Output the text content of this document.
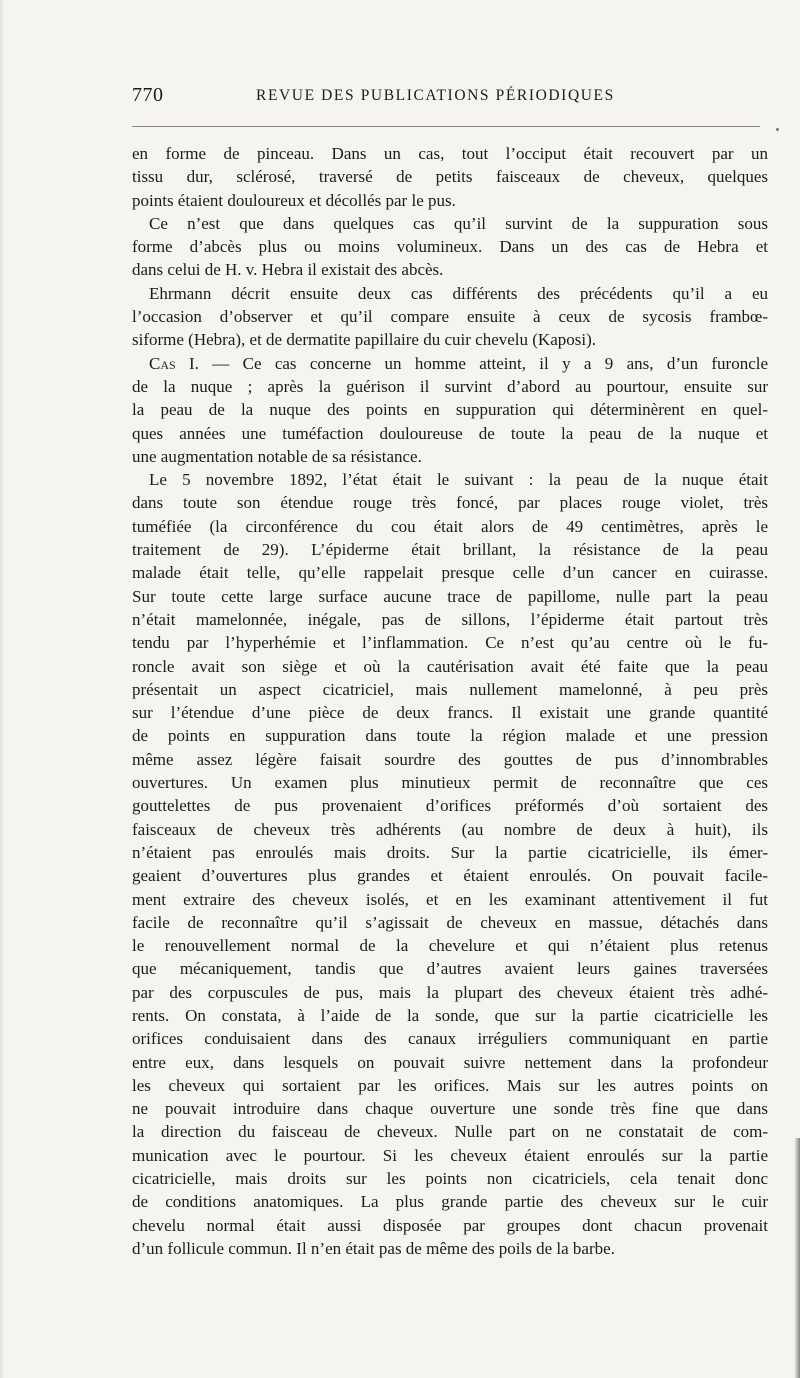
770	REVUE DES PUBLICATIONS PÉRIODIQUES
en forme de pinceau. Dans un cas, tout l’occiput était recouvert par un
tissu dur, sclérosé, traversé de petits faisceaux de cheveux, quelques
points étaient douloureux et décollés par le pus.
Ce n’est que dans quelques cas qu’il survint de la suppuration sous
forme d’abcès plus ou moins volumineux. Dans un des cas de Hebra et
dans celui de H. v. Hebra il existait des abcès.
Ehrmann décrit ensuite deux cas différents des précédents qu’il a eu
l’occasion d’observer et qu’il compare ensuite à ceux de sycosis frambœ-
siforme (Hebra), et de dermatite papillaire du cuir chevelu (Kaposi).
Cas I. — Ce cas concerne un homme atteint, il y a 9 ans, d’un furoncle
de la nuque ; après la guérison il survint d’abord au pourtour, ensuite sur
la peau de la nuque des points en suppuration qui déterminèrent en quel-
ques années une tuméfaction douloureuse de toute la peau de la nuque et
une augmentation notable de sa résistance.
Le 5 novembre 1892, l’état était le suivant : la peau de la nuque était
dans toute son étendue rouge très foncé, par places rouge violet, très
tuméfiée (la circonférence du cou était alors de 49 centimètres, après le
traitement de 29). L’épiderme était brillant, la résistance de la peau
malade était telle, qu’elle rappelait presque celle d’un cancer en cuirasse.
Sur toute cette large surface aucune trace de papillome, nulle part la peau
n’était mamelonnée, inégale, pas de sillons, l’épiderme était partout très
tendu par l’hyperhémie et l’inflammation. Ce n’est qu’au centre où le fu-
roncle avait son siège et où la cautérisation avait été faite que la peau
présentait un aspect cicatriciel, mais nullement mamelonné, à peu près
sur l’étendue d’une pièce de deux francs. Il existait une grande quantité
de points en suppuration dans toute la région malade et une pression
même assez légère faisait sourdre des gouttes de pus d’innombrables
ouvertures. Un examen plus minutieux permit de reconnaître que ces
gouttelettes de pus provenaient d’orifices préformés d’où sortaient des
faisceaux de cheveux très adhérents (au nombre de deux à huit), ils
n’étaient pas enroulés mais droits. Sur la partie cicatricielle, ils émer-
geaient d’ouvertures plus grandes et étaient enroulés. On pouvait facile-
ment extraire des cheveux isolés, et en les examinant attentivement il fut
facile de reconnaître qu’il s’agissait de cheveux en massue, détachés dans
le renouvellement normal de la chevelure et qui n’étaient plus retenus
que mécaniquement, tandis que d’autres avaient leurs gaines traversées
par des corpuscules de pus, mais la plupart des cheveux étaient très adhé-
rents. On constata, à l’aide de la sonde, que sur la partie cicatricielle les
orifices conduisaient dans des canaux irréguliers communiquant en partie
entre eux, dans lesquels on pouvait suivre nettement dans la profondeur
les cheveux qui sortaient par les orifices. Mais sur les autres points on
ne pouvait introduire dans chaque ouverture une sonde très fine que dans
la direction du faisceau de cheveux. Nulle part on ne constatait de com-
munication avec le pourtour. Si les cheveux étaient enroulés sur la partie
cicatricielle, mais droits sur les points non cicatriciels, cela tenait donc
de conditions anatomiques. La plus grande partie des cheveux sur le cuir
chevelu normal était aussi disposée par groupes dont chacun provenait
d’un follicule commun. Il n’en était pas de même des poils de la barbe.
